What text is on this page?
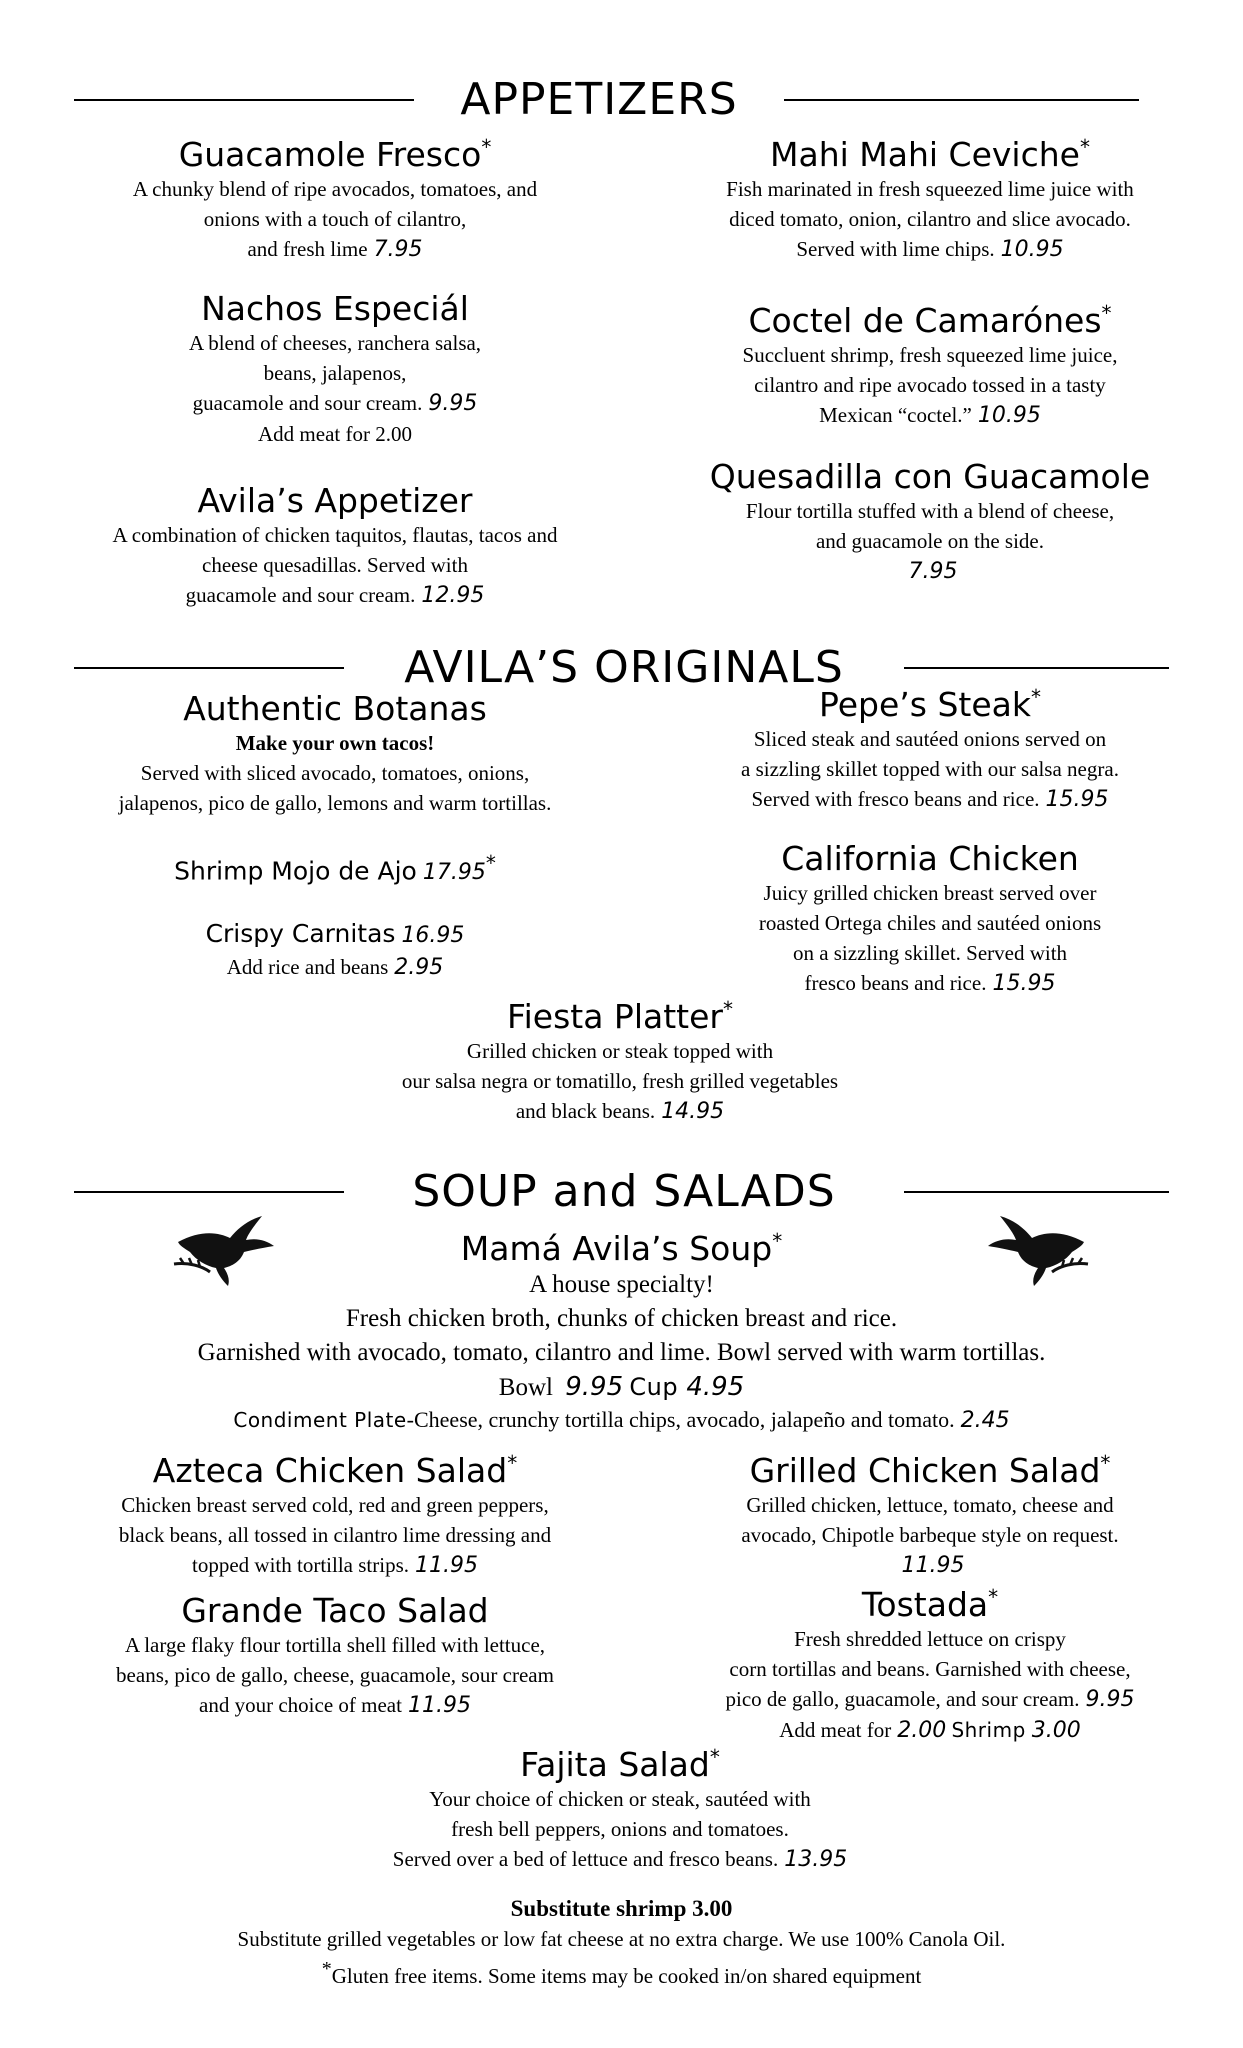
APPETIZERS
Guacamole Fresco*
A chunky blend of ripe avocados, tomatoes, and
onions with a touch of cilantro,
and fresh lime 7.95
Mahi Mahi Ceviche*
Fish marinated in fresh squeezed lime juice with
diced tomato, onion, cilantro and slice avocado.
Served with lime chips. 10.95
Nachos Especiál
A blend of cheeses, ranchera salsa,
beans, jalapenos,
guacamole and sour cream. 9.95
Add meat for 2.00
Coctel de Camarónes*
Succluent shrimp, fresh squeezed lime juice,
cilantro and ripe avocado tossed in a tasty
Mexican “coctel.” 10.95
Avila’s Appetizer
A combination of chicken taquitos, flautas, tacos and
cheese quesadillas. Served with
guacamole and sour cream. 12.95
Quesadilla con Guacamole
Flour tortilla stuffed with a blend of cheese,
and guacamole on the side.
7.95
AVILA’S ORIGINALS
Authentic Botanas
Make your own tacos!
Served with sliced avocado, tomatoes, onions,
jalapenos, pico de gallo, lemons and warm tortillas.
Shrimp Mojo de Ajo 17.95*
Crispy Carnitas 16.95
Add rice and beans 2.95
Pepe’s Steak*
Sliced steak and sautéed onions served on
a sizzling skillet topped with our salsa negra.
Served with fresco beans and rice. 15.95
California Chicken
Juicy grilled chicken breast served over
roasted Ortega chiles and sautéed onions
on a sizzling skillet. Served with
fresco beans and rice. 15.95
Fiesta Platter*
Grilled chicken or steak topped with
our salsa negra or tomatillo, fresh grilled vegetables
and black beans. 14.95
SOUP and SALADS
Mamá Avila’s Soup*
A house specialty!
Fresh chicken broth, chunks of chicken breast and rice.
Garnished with avocado, tomato, cilantro and lime. Bowl served with warm tortillas.
Bowl 9.95 Cup 4.95
Condiment Plate-Cheese, crunchy tortilla chips, avocado, jalapeño and tomato. 2.45
Azteca Chicken Salad*
Chicken breast served cold, red and green peppers,
black beans, all tossed in cilantro lime dressing and
topped with tortilla strips. 11.95
Grilled Chicken Salad*
Grilled chicken, lettuce, tomato, cheese and
avocado, Chipotle barbeque style on request.
11.95
Grande Taco Salad
A large flaky flour tortilla shell filled with lettuce,
beans, pico de gallo, cheese, guacamole, sour cream
and your choice of meat 11.95
Tostada*
Fresh shredded lettuce on crispy
corn tortillas and beans. Garnished with cheese,
pico de gallo, guacamole, and sour cream. 9.95
Add meat for 2.00 Shrimp 3.00
Fajita Salad*
Your choice of chicken or steak, sautéed with
fresh bell peppers, onions and tomatoes.
Served over a bed of lettuce and fresco beans. 13.95
Substitute shrimp 3.00
Substitute grilled vegetables or low fat cheese at no extra charge. We use 100% Canola Oil.
*Gluten free items. Some items may be cooked in/on shared equipment
